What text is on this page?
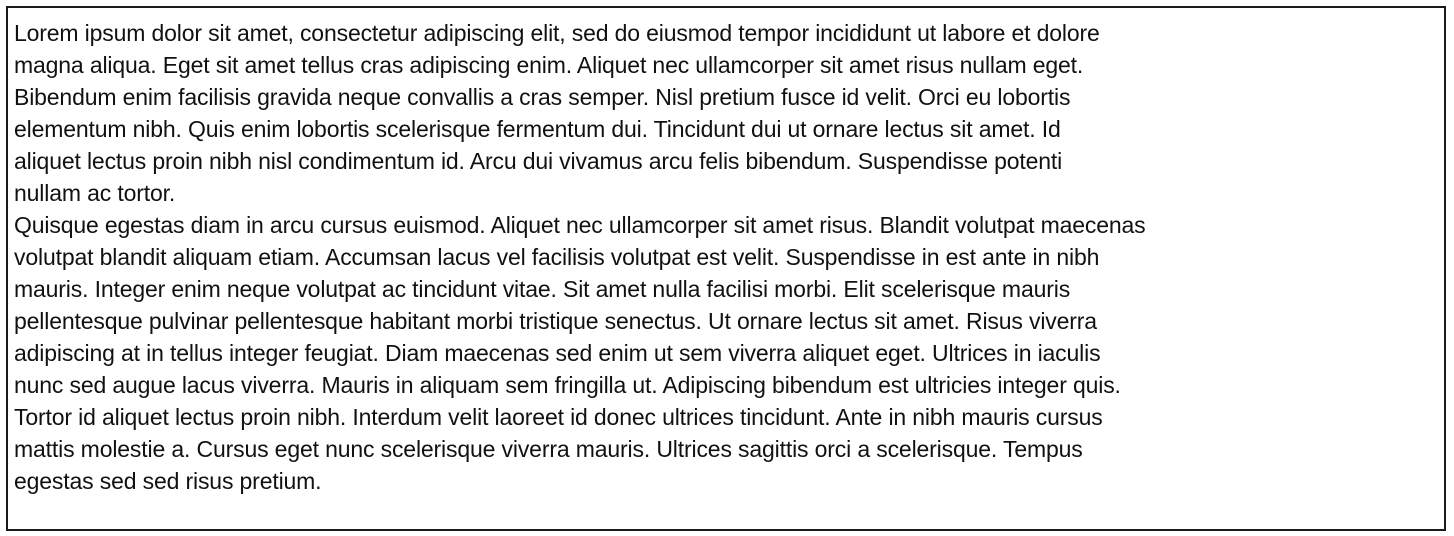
Lorem ipsum dolor sit amet, consectetur adipiscing elit, sed do eiusmod tempor incididunt ut labore et dolore
magna aliqua. Eget sit amet tellus cras adipiscing enim. Aliquet nec ullamcorper sit amet risus nullam eget.
Bibendum enim facilisis gravida neque convallis a cras semper. Nisl pretium fusce id velit. Orci eu lobortis
elementum nibh. Quis enim lobortis scelerisque fermentum dui. Tincidunt dui ut ornare lectus sit amet. Id
aliquet lectus proin nibh nisl condimentum id. Arcu dui vivamus arcu felis bibendum. Suspendisse potenti
nullam ac tortor.
Quisque egestas diam in arcu cursus euismod. Aliquet nec ullamcorper sit amet risus. Blandit volutpat maecenas
volutpat blandit aliquam etiam. Accumsan lacus vel facilisis volutpat est velit. Suspendisse in est ante in nibh
mauris. Integer enim neque volutpat ac tincidunt vitae. Sit amet nulla facilisi morbi. Elit scelerisque mauris
pellentesque pulvinar pellentesque habitant morbi tristique senectus. Ut ornare lectus sit amet. Risus viverra
adipiscing at in tellus integer feugiat. Diam maecenas sed enim ut sem viverra aliquet eget. Ultrices in iaculis
nunc sed augue lacus viverra. Mauris in aliquam sem fringilla ut. Adipiscing bibendum est ultricies integer quis.
Tortor id aliquet lectus proin nibh. Interdum velit laoreet id donec ultrices tincidunt. Ante in nibh mauris cursus
mattis molestie a. Cursus eget nunc scelerisque viverra mauris. Ultrices sagittis orci a scelerisque. Tempus
egestas sed sed risus pretium.
